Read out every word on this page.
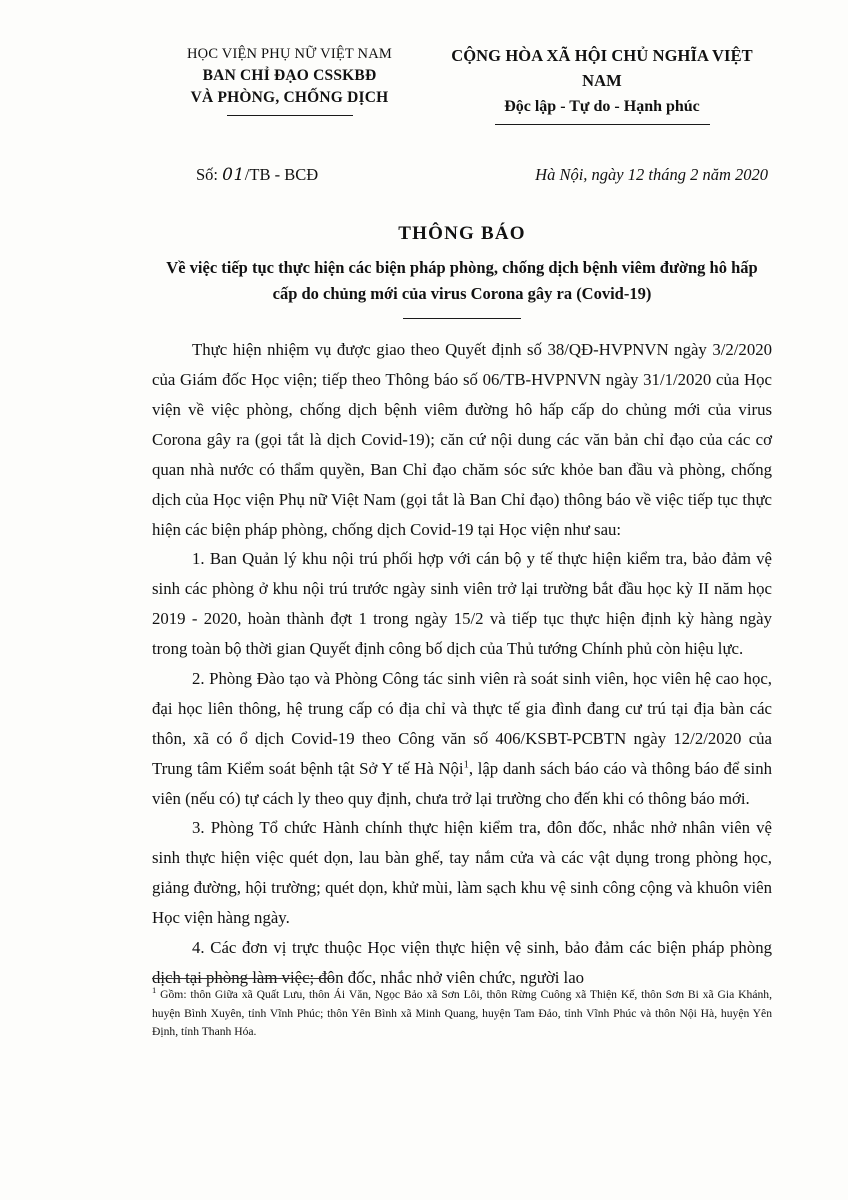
HỌC VIỆN PHỤ NỮ VIỆT NAM
BAN CHỈ ĐẠO CSSKBĐ
VÀ PHÒNG, CHỐNG DỊCH
CỘNG HÒA XÃ HỘI CHỦ NGHĨA VIỆT NAM
Độc lập - Tự do - Hạnh phúc
Số: 01/TB - BCĐ	Hà Nội, ngày 12 tháng 2 năm 2020
THÔNG BÁO
Về việc tiếp tục thực hiện các biện pháp phòng, chống dịch bệnh viêm đường hô hấp cấp do chủng mới của virus Corona gây ra (Covid-19)

Thực hiện nhiệm vụ được giao theo Quyết định số 38/QĐ-HVPNVN ngày 3/2/2020 của Giám đốc Học viện; tiếp theo Thông báo số 06/TB-HVPNVN ngày 31/1/2020 của Học viện về việc phòng, chống dịch bệnh viêm đường hô hấp cấp do chủng mới của virus Corona gây ra (gọi tắt là dịch Covid-19); căn cứ nội dung các văn bản chỉ đạo của các cơ quan nhà nước có thẩm quyền, Ban Chỉ đạo chăm sóc sức khỏe ban đầu và phòng, chống dịch của Học viện Phụ nữ Việt Nam (gọi tắt là Ban Chỉ đạo) thông báo về việc tiếp tục thực hiện các biện pháp phòng, chống dịch Covid-19 tại Học viện như sau:

1. Ban Quản lý khu nội trú phối hợp với cán bộ y tế thực hiện kiểm tra, bảo đảm vệ sinh các phòng ở khu nội trú trước ngày sinh viên trở lại trường bắt đầu học kỳ II năm học 2019 - 2020, hoàn thành đợt 1 trong ngày 15/2 và tiếp tục thực hiện định kỳ hàng ngày trong toàn bộ thời gian Quyết định công bố dịch của Thủ tướng Chính phủ còn hiệu lực.

2. Phòng Đào tạo và Phòng Công tác sinh viên rà soát sinh viên, học viên hệ cao học, đại học liên thông, hệ trung cấp có địa chỉ và thực tế gia đình đang cư trú tại địa bàn các thôn, xã có ổ dịch Covid-19 theo Công văn số 406/KSBT-PCBTN ngày 12/2/2020 của Trung tâm Kiểm soát bệnh tật Sở Y tế Hà Nội$^1$, lập danh sách báo cáo và thông báo để sinh viên (nếu có) tự cách ly theo quy định, chưa trở lại trường cho đến khi có thông báo mới.

3. Phòng Tổ chức Hành chính thực hiện kiểm tra, đôn đốc, nhắc nhở nhân viên vệ sinh thực hiện việc quét dọn, lau bàn ghế, tay nắm cửa và các vật dụng trong phòng học, giảng đường, hội trường; quét dọn, khử mùi, làm sạch khu vệ sinh công cộng và khuôn viên Học viện hàng ngày.

4. Các đơn vị trực thuộc Học viện thực hiện vệ sinh, bảo đảm các biện pháp phòng dịch tại phòng làm việc; đôn đốc, nhắc nhở viên chức, người lao

$^1$ Gồm: thôn Giữa xã Quất Lưu, thôn Ái Văn, Ngọc Bảo xã Sơn Lôi, thôn Rừng Cuông xã Thiện Kế, thôn Sơn Bi xã Gia Khánh, huyện Bình Xuyên, tỉnh Vĩnh Phúc; thôn Yên Bình xã Minh Quang, huyện Tam Đảo, tỉnh Vĩnh Phúc và thôn Nội Hà, huyện Yên Định, tỉnh Thanh Hóa.
